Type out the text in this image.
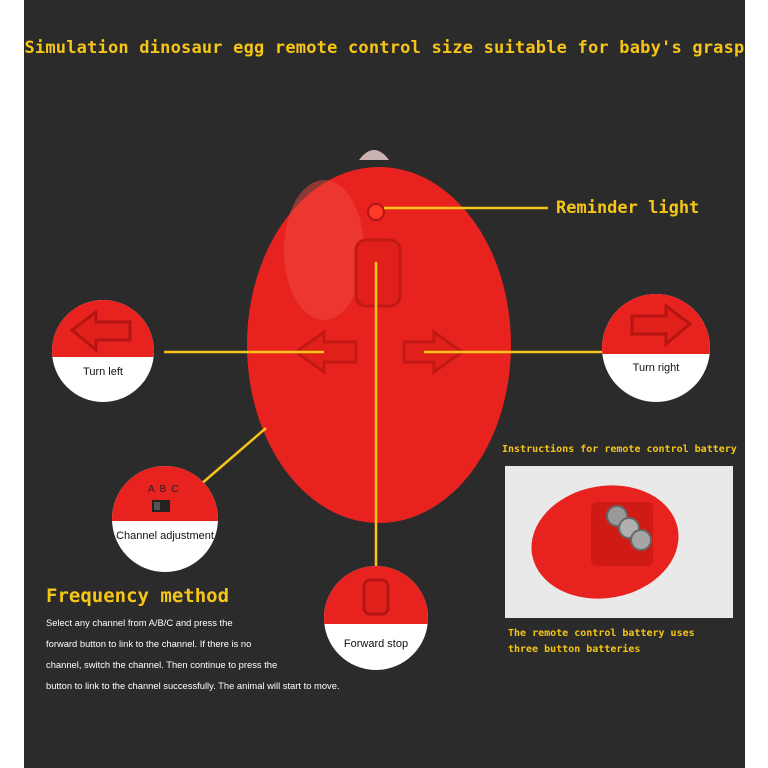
Simulation dinosaur egg remote control size suitable for baby's grasp
Reminder light
Turn left	Turn right
ABC
Channel adjustment
Forward stop
Instructions for remote control battery
The remote control battery uses
three button batteries
Frequency method
Select any channel from A/B/C and press the
forward button to link to the channel. If there is no
channel, switch the channel. Then continue to press the
button to link to the channel successfully. The animal will start to move.
